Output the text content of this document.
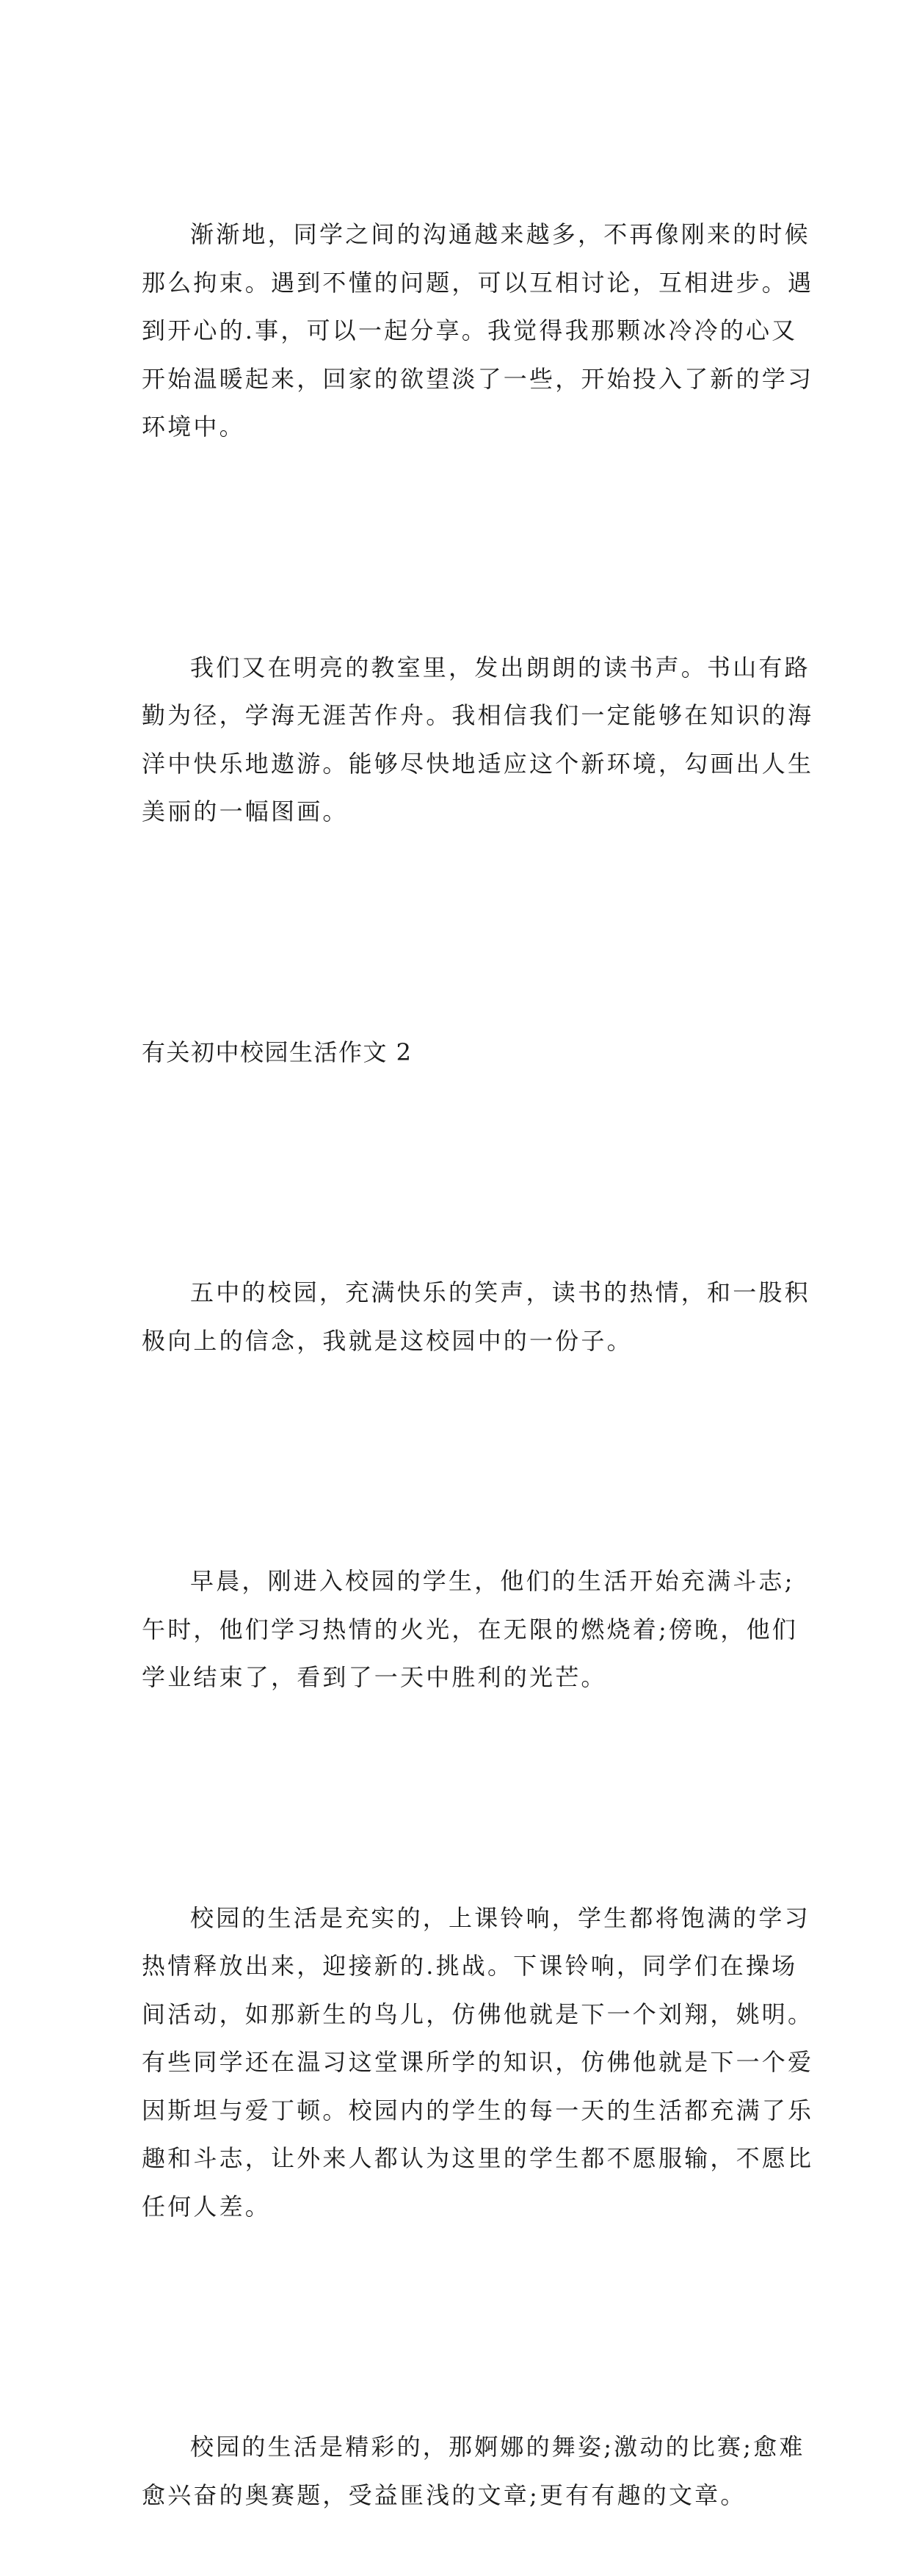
渐渐地，同学之间的沟通越来越多，不再像刚来的时候
那么拘束。遇到不懂的问题，可以互相讨论，互相进步。遇
到开心的.事，可以一起分享。我觉得我那颗冰冷冷的心又
开始温暖起来，回家的欲望淡了一些，开始投入了新的学习
环境中。

我们又在明亮的教室里，发出朗朗的读书声。书山有路
勤为径，学海无涯苦作舟。我相信我们一定能够在知识的海
洋中快乐地遨游。能够尽快地适应这个新环境，勾画出人生
美丽的一幅图画。

有关初中校园生活作文 2

五中的校园，充满快乐的笑声，读书的热情，和一股积
极向上的信念，我就是这校园中的一份子。

早晨，刚进入校园的学生，他们的生活开始充满斗志;
午时，他们学习热情的火光，在无限的燃烧着;傍晚，他们
学业结束了，看到了一天中胜利的光芒。

校园的生活是充实的，上课铃响，学生都将饱满的学习
热情释放出来，迎接新的.挑战。下课铃响，同学们在操场
间活动，如那新生的鸟儿，仿佛他就是下一个刘翔，姚明。
有些同学还在温习这堂课所学的知识，仿佛他就是下一个爱
因斯坦与爱丁顿。校园内的学生的每一天的生活都充满了乐
趣和斗志，让外来人都认为这里的学生都不愿服输，不愿比
任何人差。

校园的生活是精彩的，那婀娜的舞姿;激动的比赛;愈难
愈兴奋的奥赛题，受益匪浅的文章;更有有趣的文章。
